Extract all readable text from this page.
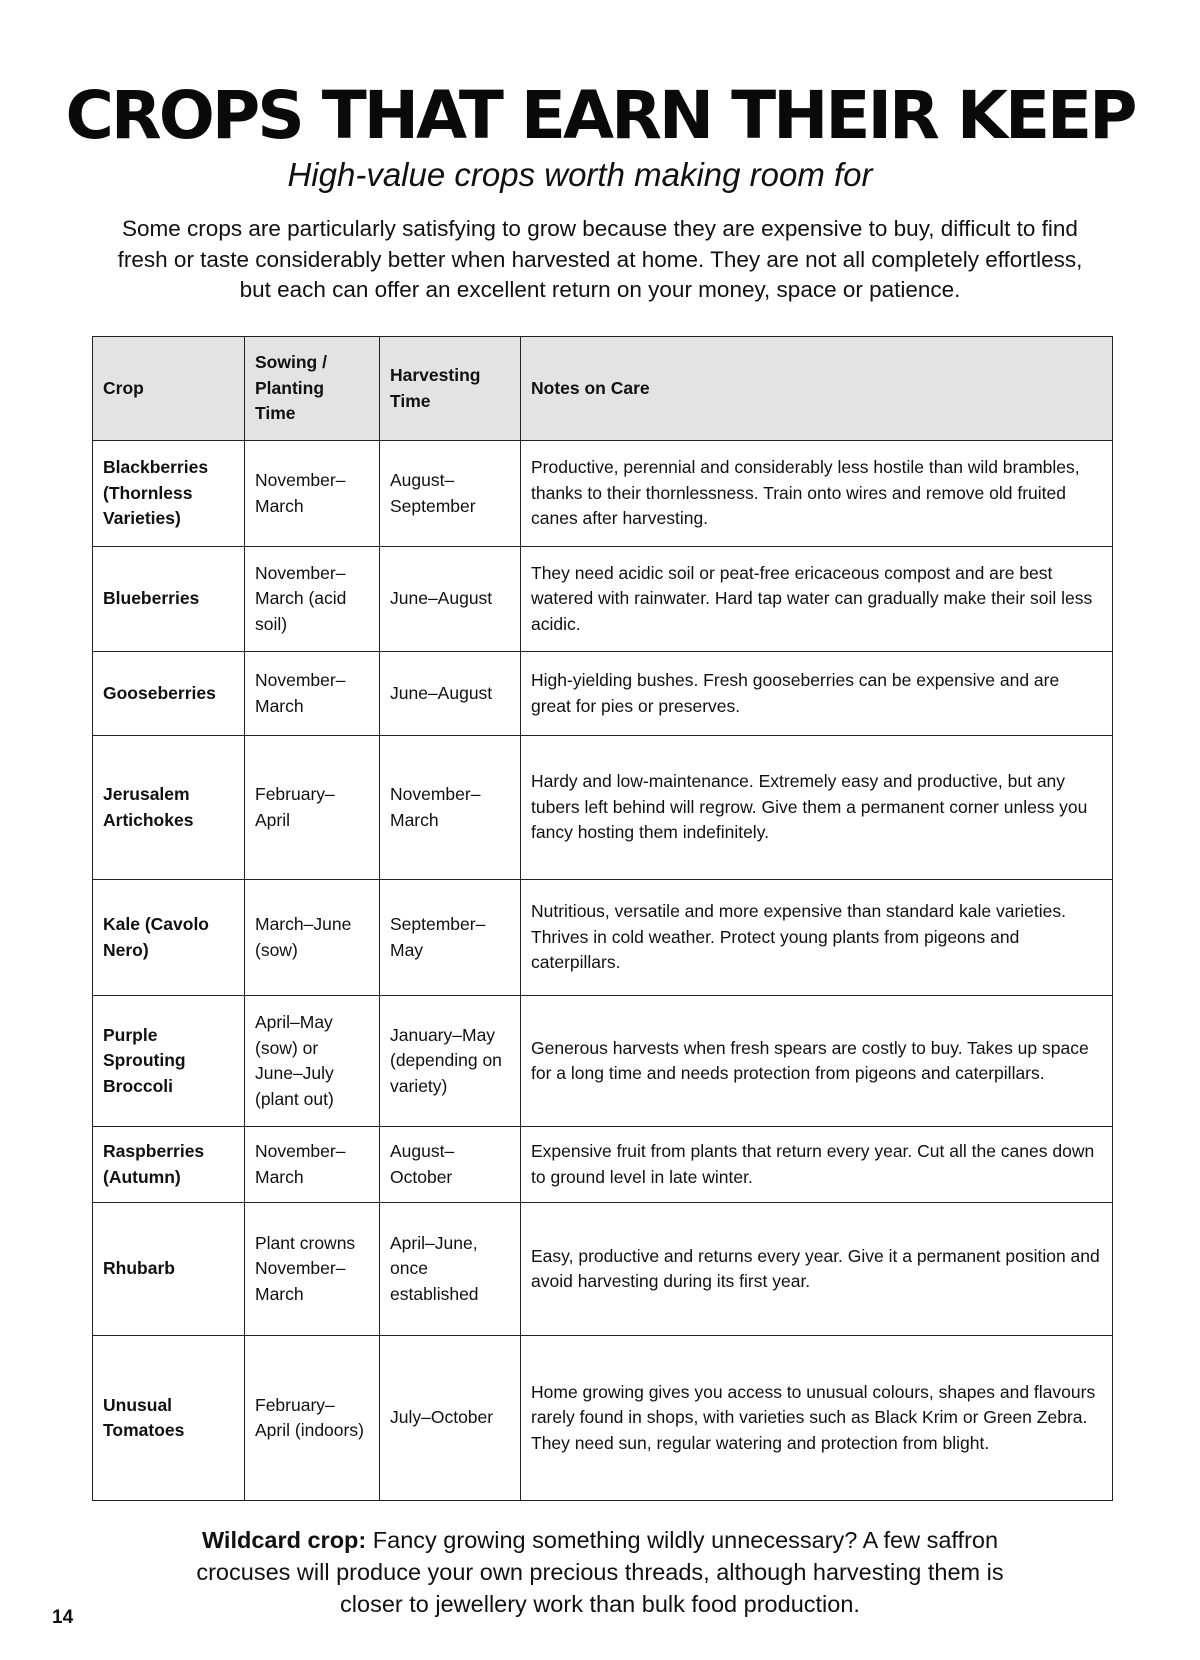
CROPS THAT EARN THEIR KEEP

High-value crops worth making room for

Some crops are particularly satisfying to grow because they are expensive to buy, difficult to find fresh or taste considerably better when harvested at home. They are not all completely effortless, but each can offer an excellent return on your money, space or patience.

Crop	Sowing / Planting Time	Harvesting Time	Notes on Care
Blackberries (Thornless Varieties)	November–March	August–September	Productive, perennial and considerably less hostile than wild brambles, thanks to their thornlessness. Train onto wires and remove old fruited canes after harvesting.
Blueberries	November–March (acid soil)	June–August	They need acidic soil or peat-free ericaceous compost and are best watered with rainwater. Hard tap water can gradually make their soil less acidic.
Gooseberries	November–March	June–August	High-yielding bushes. Fresh gooseberries can be expensive and are great for pies or preserves.
Jerusalem Artichokes	February–April	November–March	Hardy and low-maintenance. Extremely easy and productive, but any tubers left behind will regrow. Give them a permanent corner unless you fancy hosting them indefinitely.
Kale (Cavolo Nero)	March–June (sow)	September–May	Nutritious, versatile and more expensive than standard kale varieties. Thrives in cold weather. Protect young plants from pigeons and caterpillars.
Purple Sprouting Broccoli	April–May (sow) or June–July (plant out)	January–May (depending on variety)	Generous harvests when fresh spears are costly to buy. Takes up space for a long time and needs protection from pigeons and caterpillars.
Raspberries (Autumn)	November–March	August–October	Expensive fruit from plants that return every year. Cut all the canes down to ground level in late winter.
Rhubarb	Plant crowns November–March	April–June, once established	Easy, productive and returns every year. Give it a permanent position and avoid harvesting during its first year.
Unusual Tomatoes	February–April (indoors)	July–October	Home growing gives you access to unusual colours, shapes and flavours rarely found in shops, with varieties such as Black Krim or Green Zebra. They need sun, regular watering and protection from blight.

Wildcard crop: Fancy growing something wildly unnecessary? A few saffron crocuses will produce your own precious threads, although harvesting them is closer to jewellery work than bulk food production.

14
